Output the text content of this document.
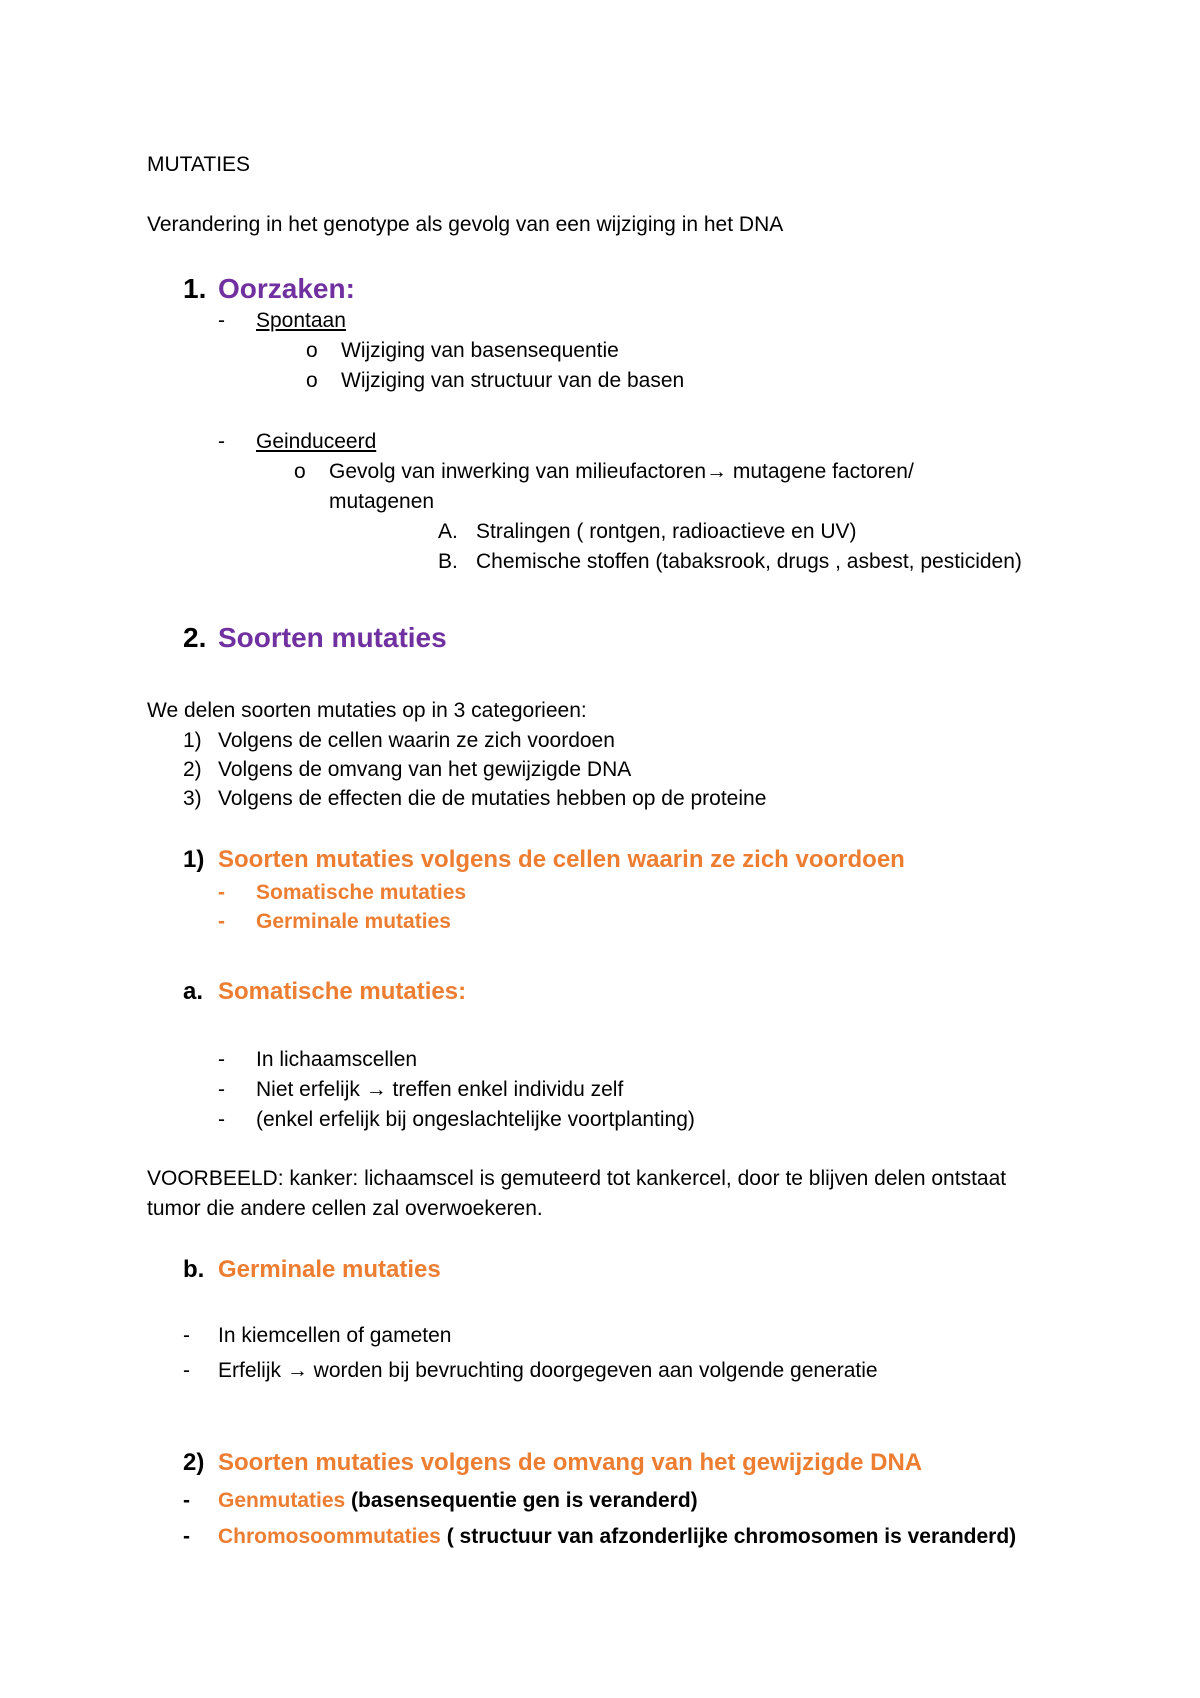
MUTATIES
Verandering in het genotype als gevolg van een wijziging in het DNA
1. Oorzaken:
- Spontaan
o Wijziging van basensequentie
o Wijziging van structuur van de basen
- Geinduceerd
o Gevolg van inwerking van milieufactoren→ mutagene factoren/
mutagenen
A. Stralingen ( rontgen, radioactieve en UV)
B. Chemische stoffen (tabaksrook, drugs , asbest, pesticiden)
2. Soorten mutaties
We delen soorten mutaties op in 3 categorieen:
1) Volgens de cellen waarin ze zich voordoen
2) Volgens de omvang van het gewijzigde DNA
3) Volgens de effecten die de mutaties hebben op de proteine
1) Soorten mutaties volgens de cellen waarin ze zich voordoen
- Somatische mutaties
- Germinale mutaties
a. Somatische mutaties:
- In lichaamscellen
- Niet erfelijk → treffen enkel individu zelf
- (enkel erfelijk bij ongeslachtelijke voortplanting)
VOORBEELD: kanker: lichaamscel is gemuteerd tot kankercel, door te blijven delen ontstaat
tumor die andere cellen zal overwoekeren.
b. Germinale mutaties
- In kiemcellen of gameten
- Erfelijk → worden bij bevruchting doorgegeven aan volgende generatie
2) Soorten mutaties volgens de omvang van het gewijzigde DNA
- Genmutaties (basensequentie gen is veranderd)
- Chromosoommutaties ( structuur van afzonderlijke chromosomen is veranderd)
